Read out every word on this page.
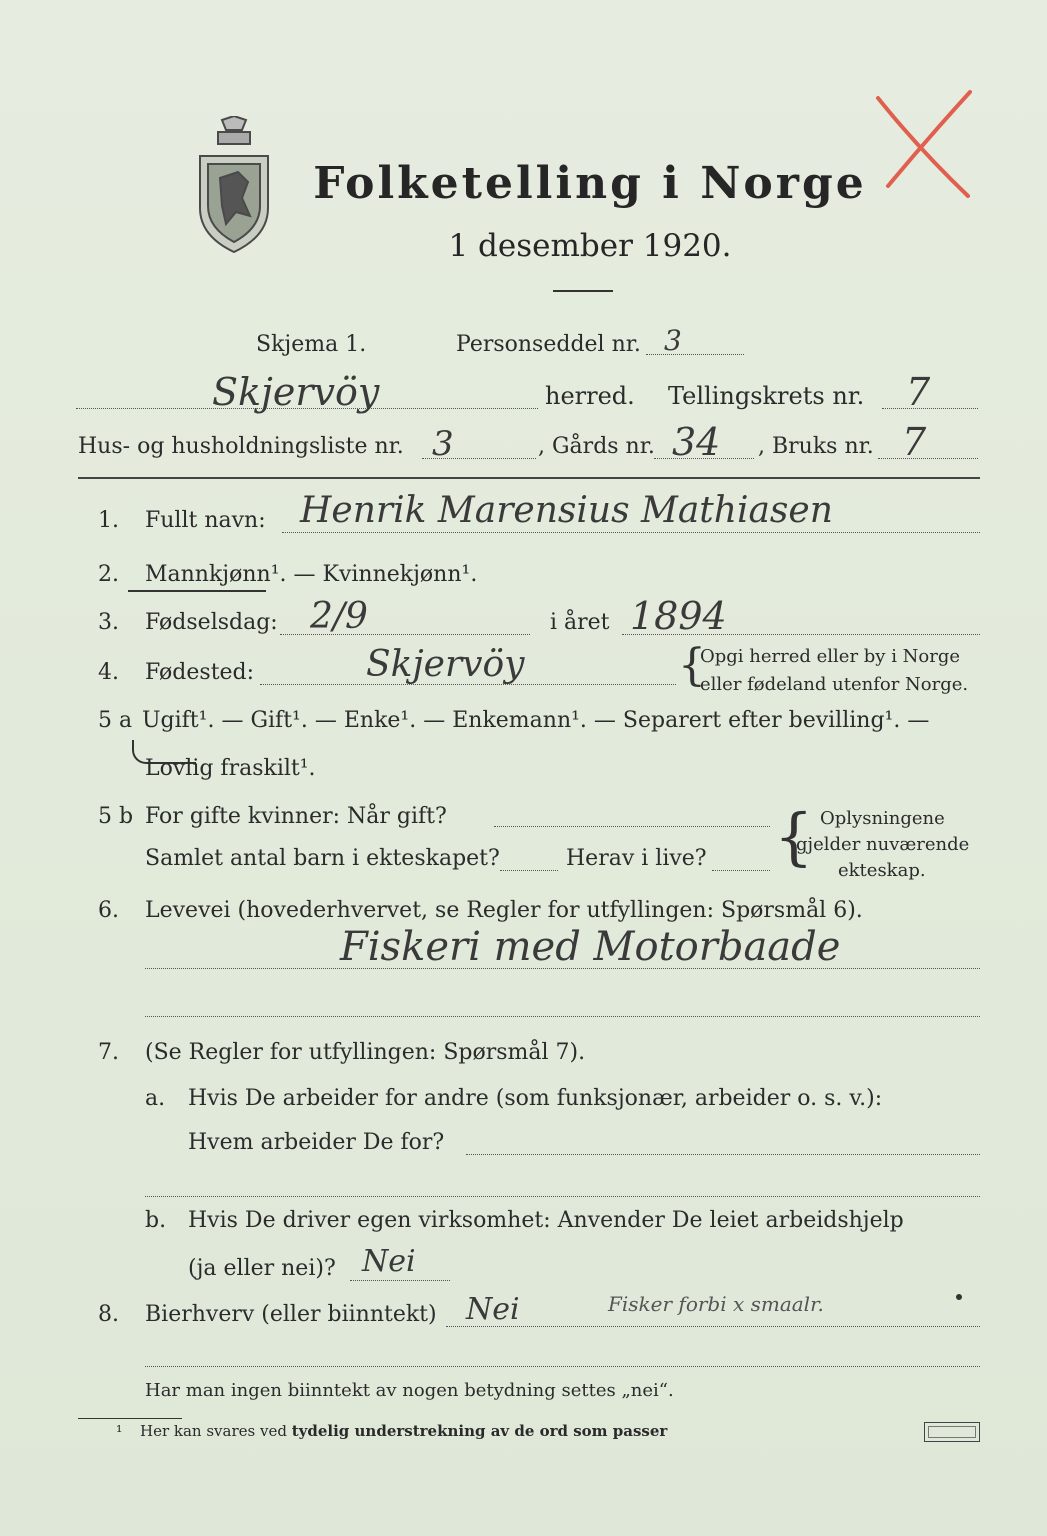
Folketelling i Norge
1 desember 1920.
Skjema 1.	Personseddel nr. 3
Skjervöy	herred. Tellingskrets nr. 7
Hus- og husholdningsliste nr. 3	, Gårds nr. 34 , Bruks nr. 7
1. Fullt navn: Henrik Marensius Mathiasen
2. Mannkjønn¹. — Kvinnekjønn¹.
3. Fødselsdag: 2/9	i året 1894
4. Fødested:	Skjervöy	{
Opgi herred eller by i Norge
eller fødeland utenfor Norge.
5 a Ugift¹. — Gift¹. — Enke¹. — Enkemann¹. — Separert efter bevilling¹. —
Lovlig fraskilt¹.
5 b For gifte kvinner: Når gift?
Samlet antal barn i ekteskapet?	Herav i live? { Oplysningene
gjelder nuværende
ekteskap.
6. Levevei (hovederhvervet, se Regler for utfyllingen: Spørsmål 6).
Fiskeri med Motorbaade
7. (Se Regler for utfyllingen: Spørsmål 7).
a. Hvis De arbeider for andre (som funksjonær, arbeider o. s. v.):
Hvem arbeider De for?
b. Hvis De driver egen virksomhet: Anvender De leiet arbeidshjelp
(ja eller nei)? Nei
8. Bierhverv (eller biinntekt) Nei	Fisker forbi x smaalr.
Har man ingen biinntekt av nogen betydning settes „nei“.
¹ Her kan svares ved tydelig understrekning av de ord som passer
